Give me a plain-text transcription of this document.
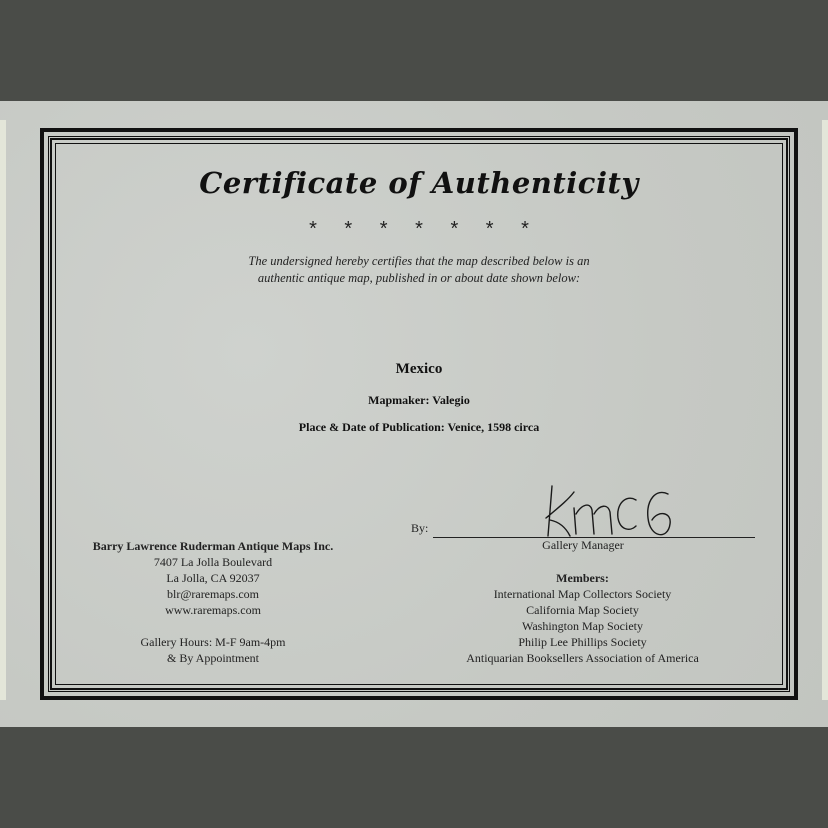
Certificate of Authenticity
* * * * * * *
The undersigned hereby certifies that the map described below is an
authentic antique map, published in or about date shown below:
Mexico
Mapmaker: Valegio
Place & Date of Publication: Venice, 1598 circa
Barry Lawrence Ruderman Antique Maps Inc.
7407 La Jolla Boulevard
La Jolla, CA 92037
blr@raremaps.com
www.raremaps.com
Gallery Hours: M-F 9am-4pm
& By Appointment
By:
Gallery Manager
Members:
International Map Collectors Society
California Map Society
Washington Map Society
Philip Lee Phillips Society
Antiquarian Booksellers Association of America
